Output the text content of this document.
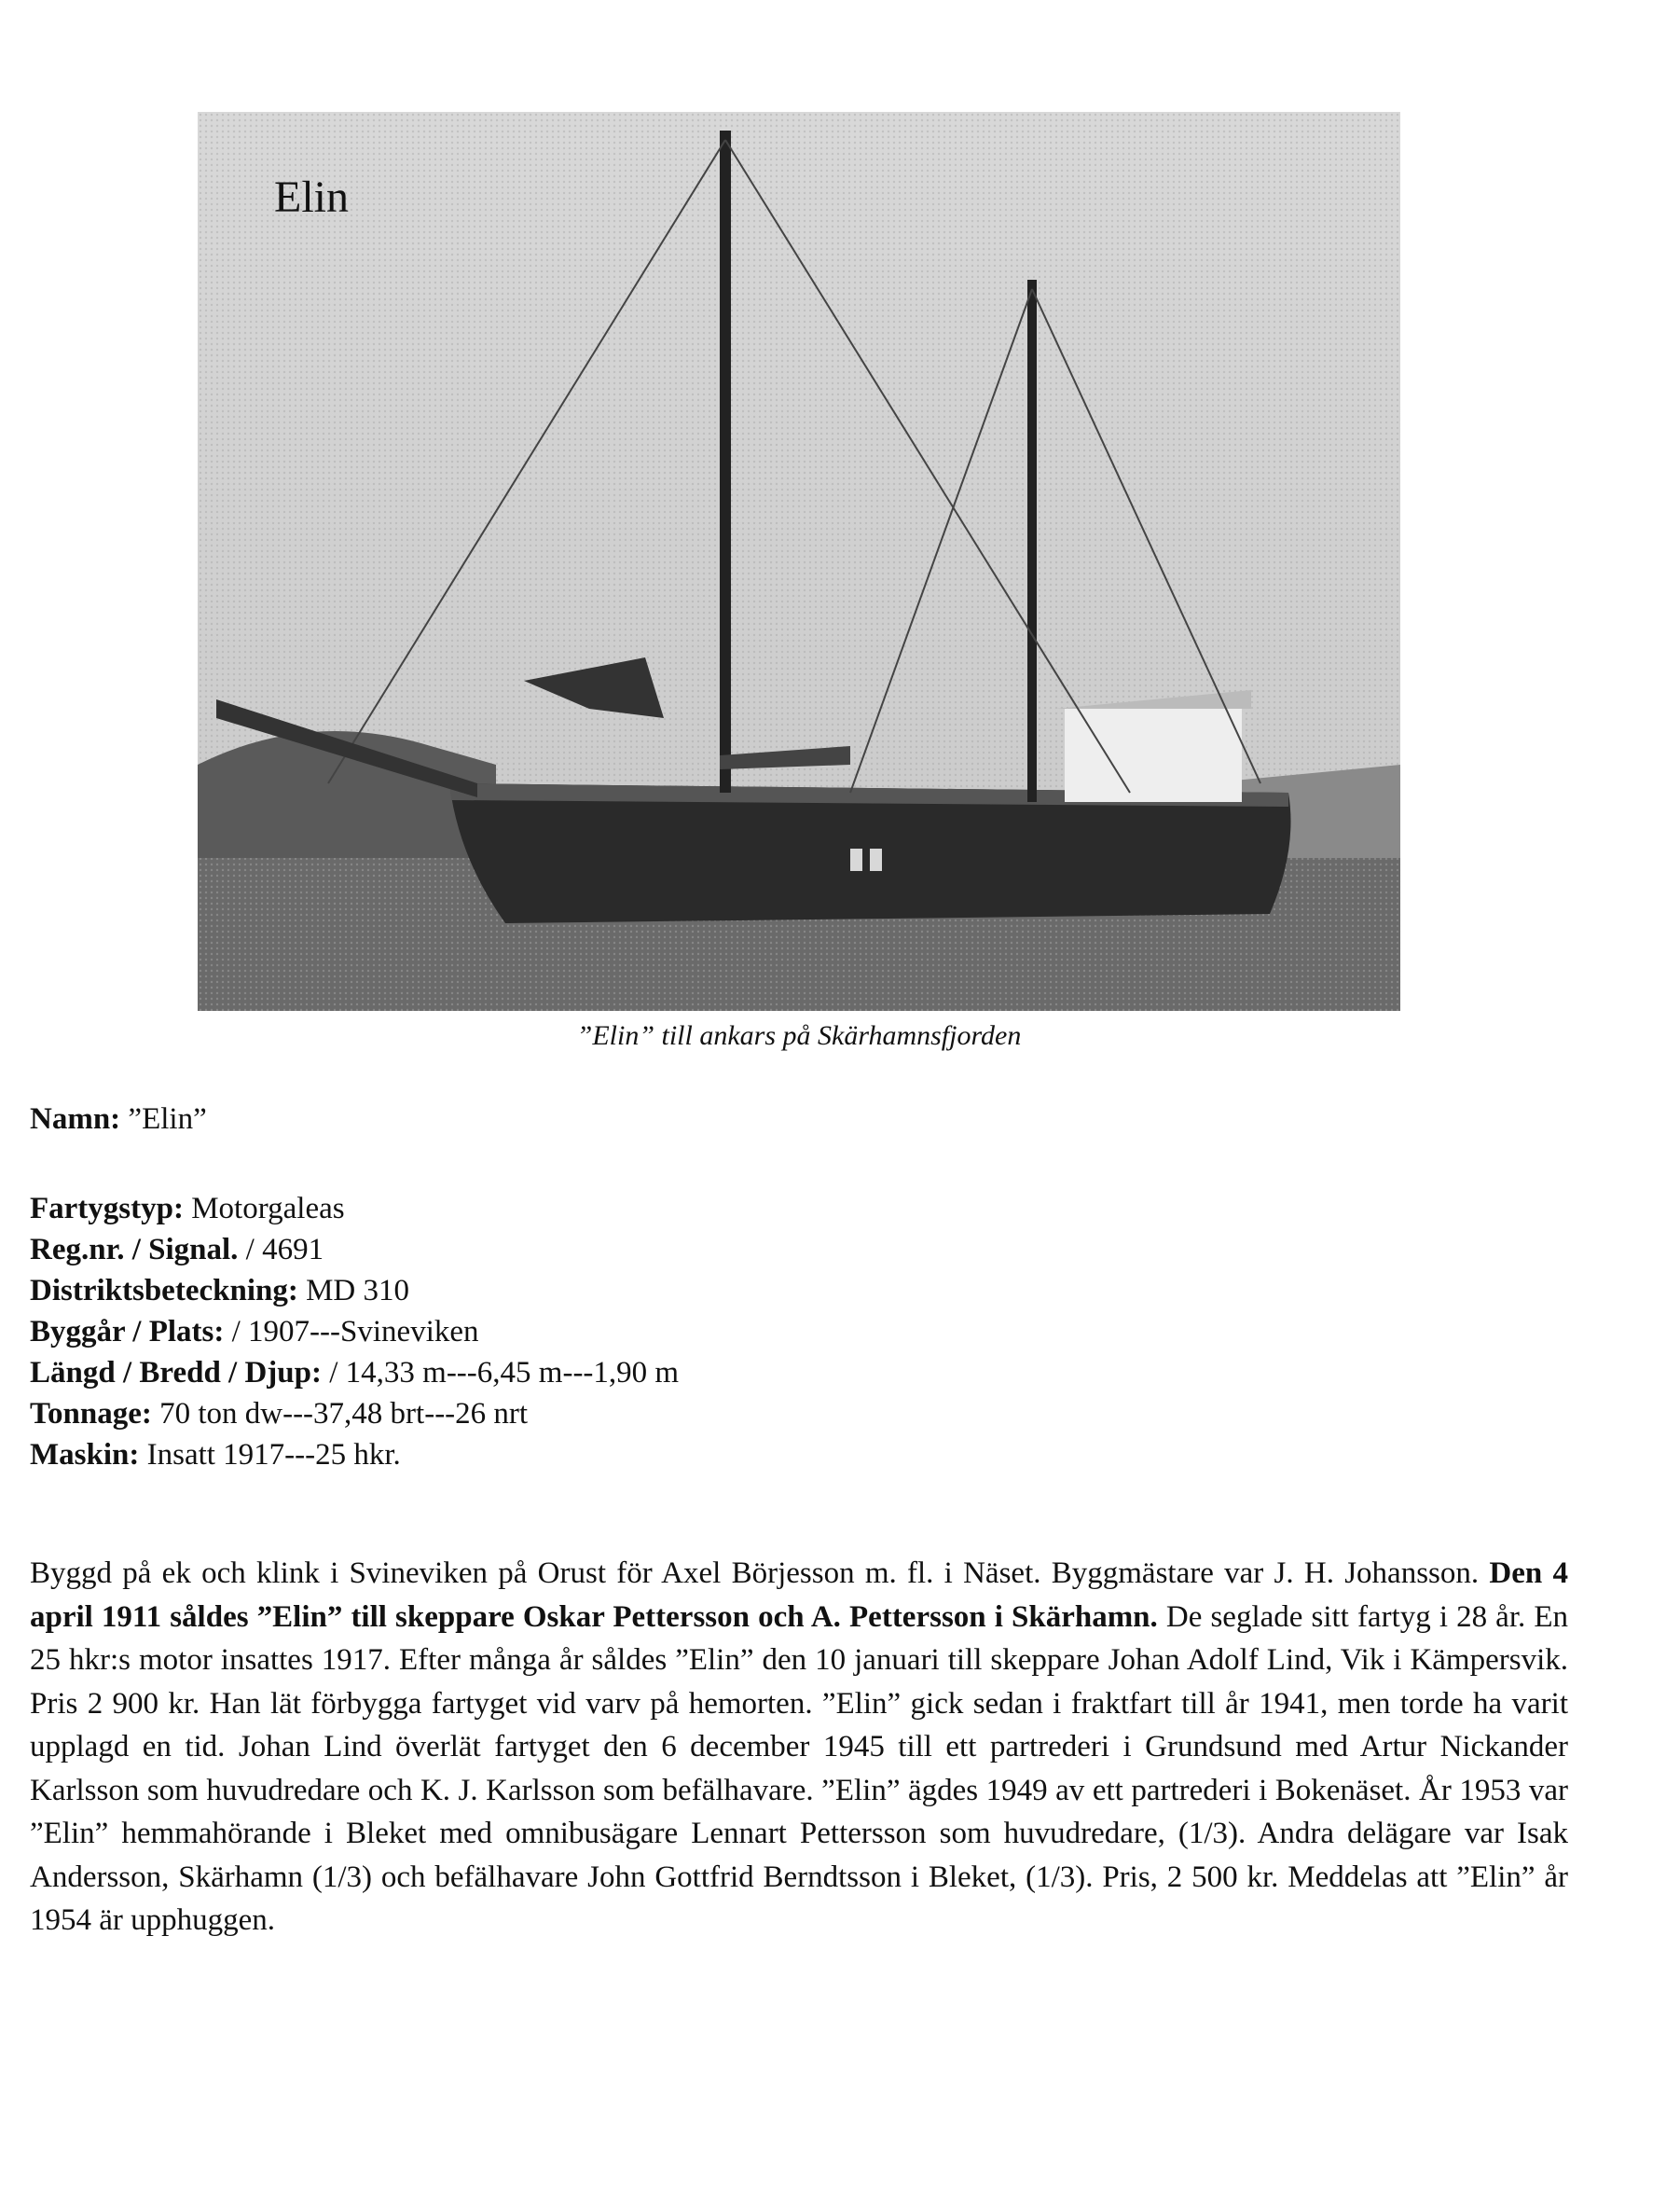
Elin
”Elin” till ankars på Skärhamnsfjorden
Namn: ”Elin”
Fartygstyp: Motorgaleas
Reg.nr. / Signal. / 4691
Distriktsbeteckning: MD 310
Byggår / Plats: / 1907---Svineviken
Längd / Bredd / Djup: / 14,33 m---6,45 m---1,90 m
Tonnage: 70 ton dw---37,48 brt---26 nrt
Maskin: Insatt 1917---25 hkr.
Byggd på ek och klink i Svineviken på Orust för Axel Börjesson m. fl. i Näset. Byggmästare var J. H. Johansson. Den 4 april 1911 såldes ”Elin” till skeppare Oskar Pettersson och A. Pettersson i Skärhamn. De seglade sitt fartyg i 28 år. En 25 hkr:s motor insattes 1917. Efter många år såldes ”Elin” den 10 januari till skeppare Johan Adolf Lind, Vik i Kämpersvik. Pris 2 900 kr. Han lät förbygga fartyget vid varv på hemorten. ”Elin” gick sedan i fraktfart till år 1941, men torde ha varit upplagd en tid. Johan Lind överlät fartyget den 6 december 1945 till ett partrederi i Grundsund med Artur Nickander Karlsson som huvudredare och K. J. Karlsson som befälhavare. ”Elin” ägdes 1949 av ett partrederi i Bokenäset. År 1953 var ”Elin” hemmahörande i Bleket med omnibusägare Lennart Pettersson som huvudredare, (1/3). Andra delägare var Isak Andersson, Skärhamn (1/3) och befälhavare John Gottfrid Berndtsson i Bleket, (1/3). Pris, 2 500 kr. Meddelas att ”Elin” år 1954 är upphuggen.
